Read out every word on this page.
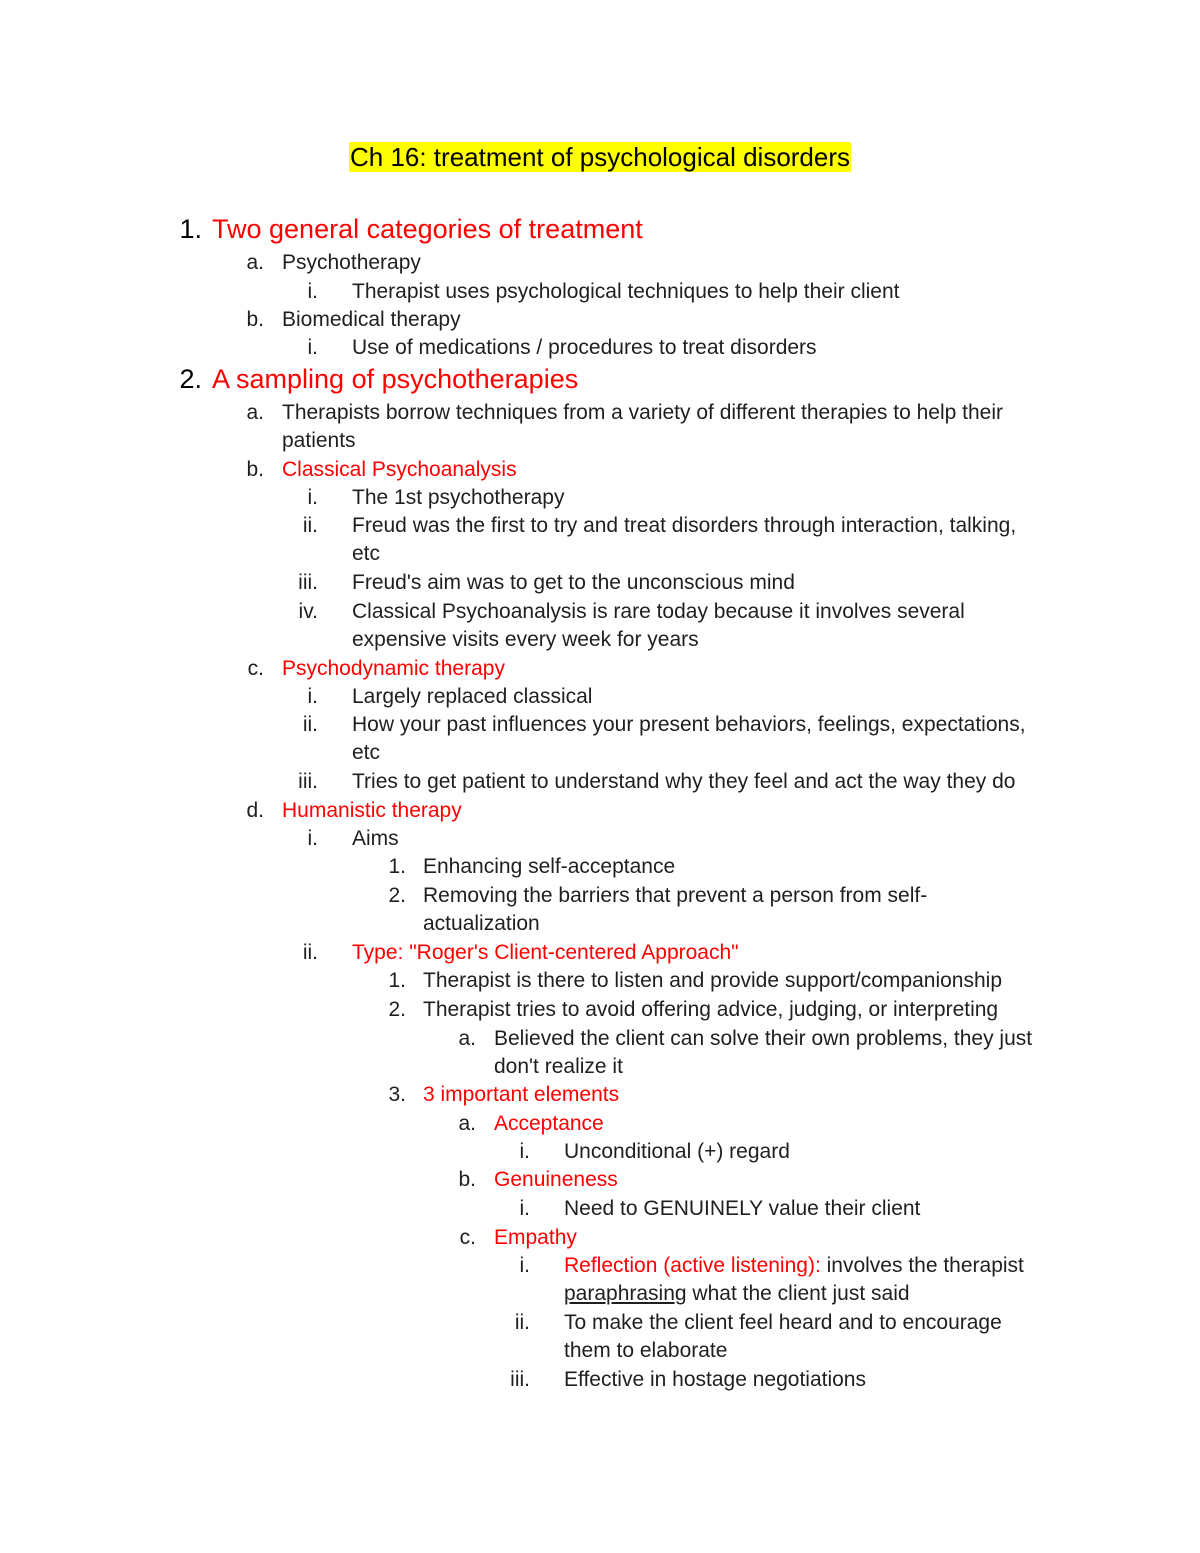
Ch 16: treatment of psychological disorders
1. Two general categories of treatment
a. Psychotherapy
i. Therapist uses psychological techniques to help their client
b. Biomedical therapy
i. Use of medications / procedures to treat disorders
2. A sampling of psychotherapies
a. Therapists borrow techniques from a variety of different therapies to help their
patients
b. Classical Psychoanalysis
i. The 1st psychotherapy
ii. Freud was the first to try and treat disorders through interaction, talking,
etc
iii. Freud's aim was to get to the unconscious mind
iv. Classical Psychoanalysis is rare today because it involves several
expensive visits every week for years
c. Psychodynamic therapy
i. Largely replaced classical
ii. How your past influences your present behaviors, feelings, expectations,
etc
iii. Tries to get patient to understand why they feel and act the way they do
d. Humanistic therapy
i. Aims
1. Enhancing self-acceptance
2. Removing the barriers that prevent a person from self-
actualization
ii. Type: "Roger's Client-centered Approach"
1. Therapist is there to listen and provide support/companionship
2. Therapist tries to avoid offering advice, judging, or interpreting
a. Believed the client can solve their own problems, they just
don't realize it
3. 3 important elements
a. Acceptance
i. Unconditional (+) regard
b. Genuineness
i. Need to GENUINELY value their client
c. Empathy
i. Reflection (active listening): involves the therapist
paraphrasing what the client just said
ii. To make the client feel heard and to encourage
them to elaborate
iii. Effective in hostage negotiations
